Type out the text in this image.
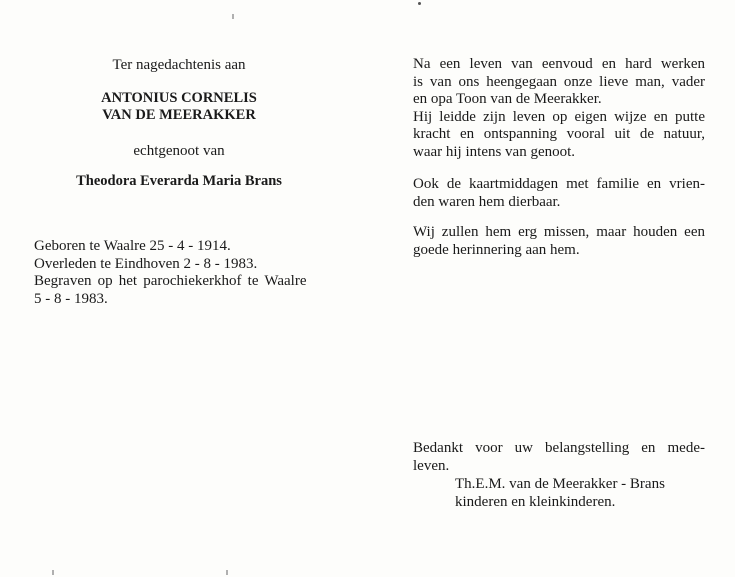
Ter nagedachtenis aan
ANTONIUS CORNELIS
VAN DE MEERAKKER
echtgenoot van
Theodora Everarda Maria Brans
Geboren te Waalre 25 - 4 - 1914.
Overleden te Eindhoven 2 - 8 - 1983.
Begraven op het parochiekerkhof te Waalre
5 - 8 - 1983.
Na een leven van eenvoud en hard werken
is van ons heengegaan onze lieve man, vader
en opa Toon van de Meerakker.
Hij leidde zijn leven op eigen wijze en putte
kracht en ontspanning vooral uit de natuur,
waar hij intens van genoot.
Ook de kaartmiddagen met familie en vrien-
den waren hem dierbaar.
Wij zullen hem erg missen, maar houden een
goede herinnering aan hem.
Bedankt voor uw belangstelling en mede-
leven.
Th.E.M. van de Meerakker - Brans
kinderen en kleinkinderen.
